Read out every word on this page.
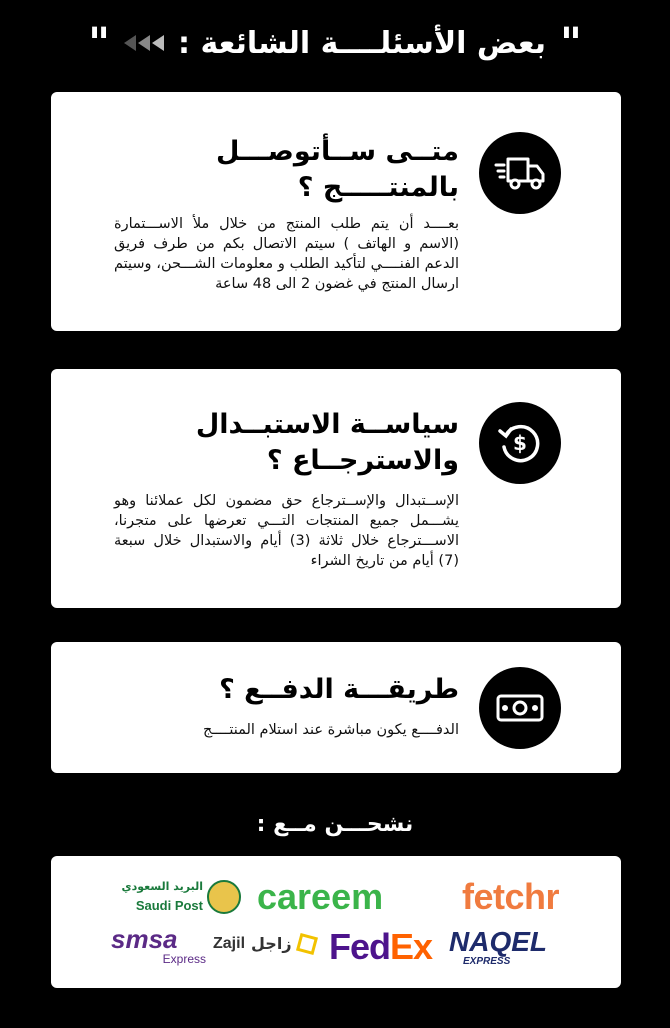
"
بعض الأسئلــــة الشائعة :
"
متــى ســأتوصـــل
بالمنتـــــج ؟
بعــــد أن يتم طلب المنتج من خلال ملأ الاســـتمارة (الاسم و الهاتف ) سيتم الاتصال بكم من طرف فريق الدعم الفنــــي لتأكيد الطلب و معلومات الشـــحن، وسيتم ارسال المنتج في غضون 2 الى 48 ساعة
$
سياســة الاستبــدال
والاسترجــاع ؟
الإســتبدال والإســترجاع حق مضمون لكل عملائنا وهو يشـــمل جميع المنتجات التـــي تعرضها على متجرنا، الاســـترجاع خلال ثلاثة (3) أيام والاستبدال خلال سبعة (7) أيام من تاريخ الشراء
طريقـــة الدفــع ؟
الدفــــع يكون مباشرة عند استلام المنتــــج
نشحـــن مــع :
fetchr
careem
البريد السعودي
Saudi Post
NAQEL
EXPRESS
FedEx
Zajil زاجل
smsa
Express
